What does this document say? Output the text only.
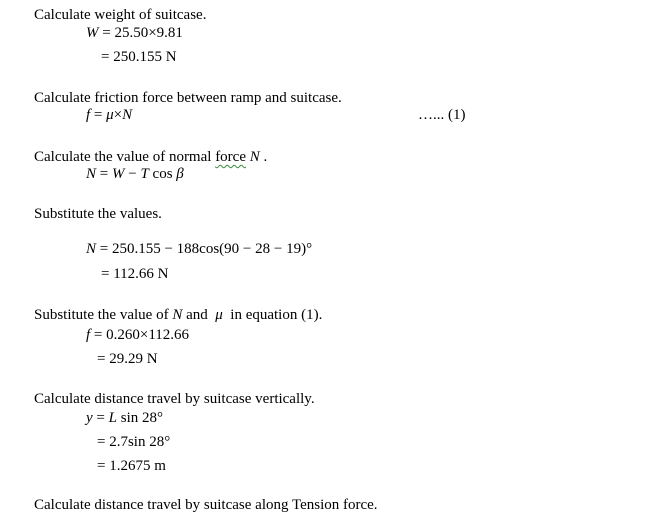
Calculate weight of suitcase.
W = 25.50×9.81
= 250.155 N
Calculate friction force between ramp and suitcase.
f = μ×N	…... (1)
Calculate the value of normal force N .
N = W − T cos β
Substitute the values.
N = 250.155 − 188cos(90 − 28 − 19)°
= 112.66 N
Substitute the value of N and  μ  in equation (1).
f = 0.260×112.66
= 29.29 N
Calculate distance travel by suitcase vertically.
y = L sin 28°
= 2.7sin 28°
= 1.2675 m
Calculate distance travel by suitcase along Tension force.
